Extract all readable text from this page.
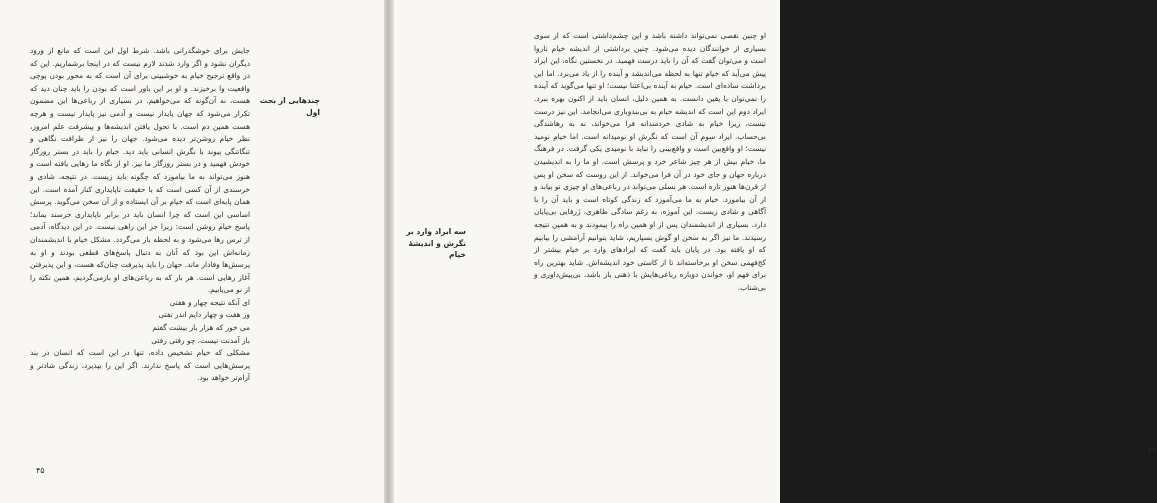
چندهایی از بحث اول
جایش برای خوشگذرانی باشد. شرط اول این است که مانع از ورود دیگران نشود و اگر وارد شدند لازم نیست که در اینجا برشماریم. این که در واقع ترجیح خیام به خوشبینی برای آن است که به محور بودن پوچی واقعیت وا برخیزند. و او بر این باور است که بودن را باید چنان دید که هست، نه آن‌گونه که می‌خواهیم. در بسیاری از رباعی‌ها این مضمون تکرار می‌شود که جهان پایدار نیست و آدمی نیز پایدار نیست و هرچه هست همین دم است. با تحول یافتن اندیشه‌ها و پیشرفت علم امروز، نظر خیام روشن‌تر دیده می‌شود. جهان را نیز از ظرافت نگاهی و تنگاتنگی پیوند با نگرش انسانی باید دید. خیام را باید در بستر روزگار خودش فهمید و در بستر روزگار ما نیز. او از نگاه ما رهایی یافته است و هنوز می‌تواند به ما بیاموزد که چگونه باید زیست. در نتیجه، شادی و خرسندی از آن کسی است که با حقیقت ناپایداری کنار آمده است. این همان پایه‌ای است که خیام بر آن ایستاده و از آن سخن می‌گوید. پرسش اساسی این است که چرا انسان باید در برابر ناپایداری خرسند بماند؛ پاسخ خیام روشن است: زیرا جز این راهی نیست. در این دیدگاه، آدمی از ترس رها می‌شود و به لحظه باز می‌گردد. مشکل خیام با اندیشمندان زمانه‌اش این بود که آنان به دنبال پاسخ‌های قطعی بودند و او به پرسش‌ها وفادار ماند. جهان را باید پذیرفت چنان‌که هست، و این پذیرفتن آغاز رهایی است. هر بار که به رباعی‌های او بازمی‌گردیم، همین نکته را از نو می‌یابیم.
ای آنکه نتیجه چهار و هفتی
وز هفت و چهار دایم اندر تفتی
می خور که هزار بار بیشت گفتم
باز آمدنت نیست، چو رفتی رفتی
مشکلی که خیام تشخیص داده، تنها در این است که انسان در بند پرسش‌هایی است که پاسخ ندارند. اگر این را بپذیرد، زندگی شادتر و آرام‌تر خواهد بود.
۴۵
او چنین نقصی نمی‌تواند داشته باشد و این چشم‌داشتی است که از سوی بسیاری از خوانندگان دیده می‌شود. چنین برداشتی از اندیشه خیام ناروا است و می‌توان گفت که آن را باید درست فهمید. در نخستین نگاه، این ایراد پیش می‌آید که خیام تنها به لحظه می‌اندیشد و آینده را از یاد می‌برد. اما این برداشت ساده‌ای است. خیام به آینده بی‌اعتنا نیست؛ او تنها می‌گوید که آینده را نمی‌توان با یقین دانست. به همین دلیل، انسان باید از اکنون بهره ببرد. ایراد دوم این است که اندیشه خیام به بی‌بندوباری می‌انجامد. این نیز درست نیست، زیرا خیام به شادی خردمندانه فرا می‌خواند، نه به رهاشدگی بی‌حساب. ایراد سوم آن است که نگرش او نومیدانه است. اما خیام نومید نیست؛ او واقع‌بین است و واقع‌بینی را نباید با نومیدی یکی گرفت. در فرهنگ ما، خیام بیش از هر چیز شاعر خرد و پرسش است. او ما را به اندیشیدن درباره جهان و جای خود در آن فرا می‌خواند. از این روست که سخن او پس از قرن‌ها هنوز تازه است. هر نسلی می‌تواند در رباعی‌های او چیزی نو بیابد و از آن بیاموزد. خیام به ما می‌آموزد که زندگی کوتاه است و باید آن را با آگاهی و شادی زیست. این آموزه، به رغم سادگی ظاهری، ژرفایی بی‌پایان دارد. بسیاری از اندیشمندان پس از او همین راه را پیمودند و به همین نتیجه رسیدند. ما نیز اگر به سخن او گوش بسپاریم، شاید بتوانیم آرامشی را بیابیم که او یافته بود. در پایان باید گفت که ایرادهای وارد بر خیام بیشتر از کج‌فهمی سخن او برخاسته‌اند تا از کاستی خود اندیشه‌اش. شاید بهترین راه برای فهم او، خواندن دوباره رباعی‌هایش با ذهنی باز باشد، بی‌پیش‌داوری و بی‌شتاب.
سه ابراد وارد بر نگرش و اندیشهٔ خیام
۴۶
